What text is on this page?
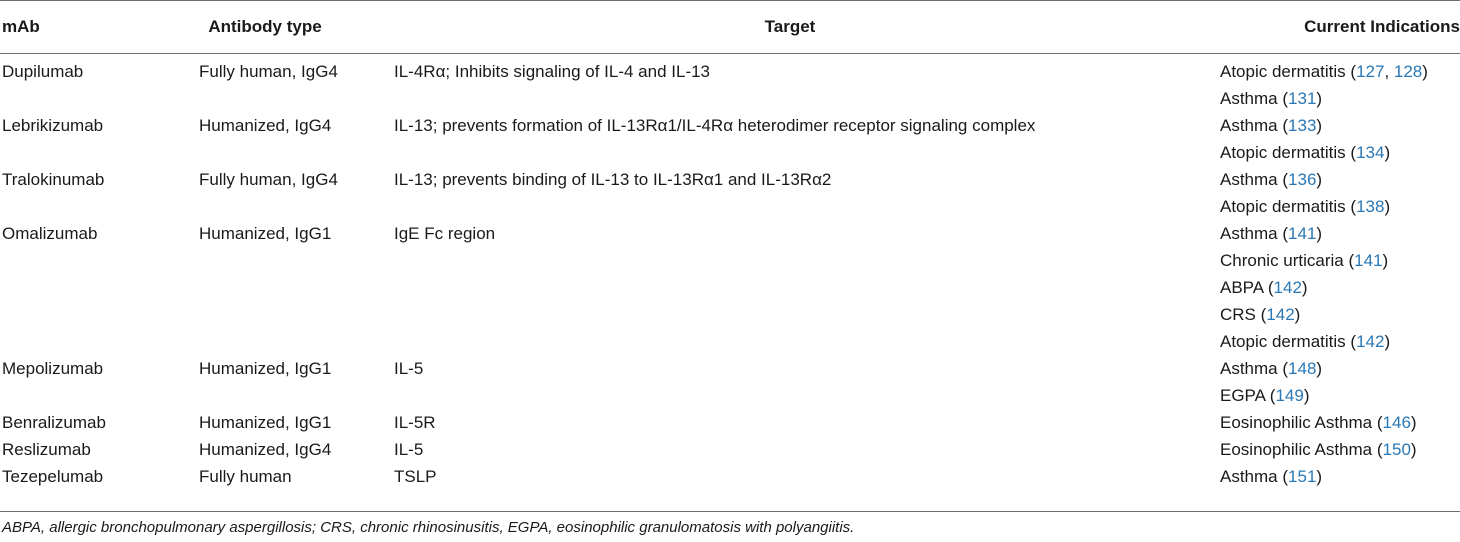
mAb	Antibody type	Target	Current Indications
Dupilumab	Fully human, IgG4	IL-4Rα; Inhibits signaling of IL-4 and IL-13	Atopic dermatitis (127, 128)
Asthma (131)
Lebrikizumab	Humanized, IgG4	IL-13; prevents formation of IL-13Rα1/IL-4Rα heterodimer receptor signaling complex	Asthma (133)
Atopic dermatitis (134)
Tralokinumab	Fully human, IgG4	IL-13; prevents binding of IL-13 to IL-13Rα1 and IL-13Rα2	Asthma (136)
Atopic dermatitis (138)
Omalizumab	Humanized, IgG1	IgE Fc region	Asthma (141)
Chronic urticaria (141)
ABPA (142)
CRS (142)
Atopic dermatitis (142)
Mepolizumab	Humanized, IgG1	IL-5	Asthma (148)
EGPA (149)
Benralizumab	Humanized, IgG1	IL-5R	Eosinophilic Asthma (146)
Reslizumab	Humanized, IgG4	IL-5	Eosinophilic Asthma (150)
Tezepelumab	Fully human	TSLP	Asthma (151)
ABPA, allergic bronchopulmonary aspergillosis; CRS, chronic rhinosinusitis, EGPA, eosinophilic granulomatosis with polyangiitis.
